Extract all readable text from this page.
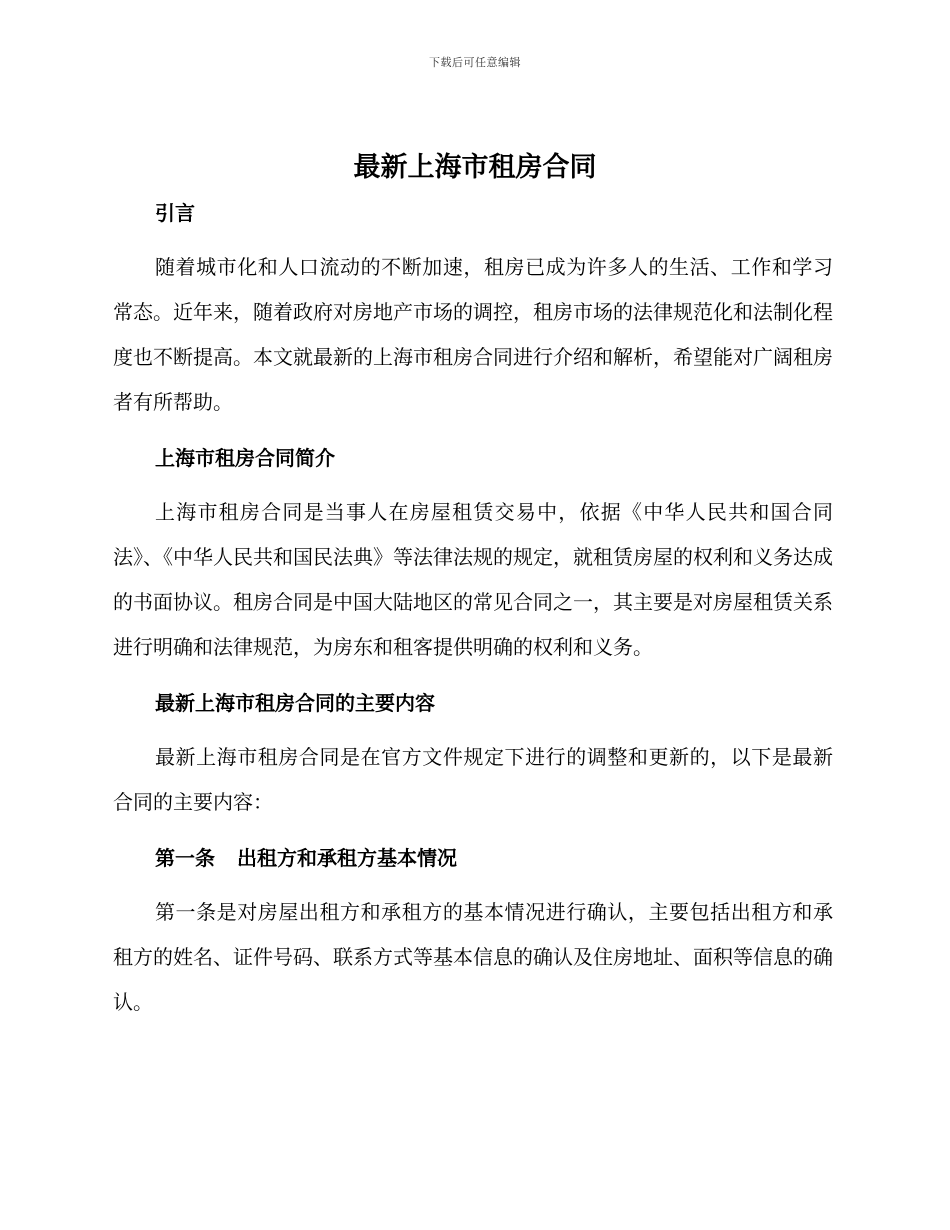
下载后可任意编辑
最新上海市租房合同
引言

随着城市化和人口流动的不断加速，租房已成为许多人的生活、工作和学习常态。近年来，随着政府对房地产市场的调控，租房市场的法律规范化和法制化程度也不断提高。本文就最新的上海市租房合同进行介绍和解析，希望能对广阔租房者有所帮助。

上海市租房合同简介

上海市租房合同是当事人在房屋租赁交易中，依据《中华人民共和国合同法》、《中华人民共和国民法典》等法律法规的规定，就租赁房屋的权利和义务达成的书面协议。租房合同是中国大陆地区的常见合同之一，其主要是对房屋租赁关系进行明确和法律规范，为房东和租客提供明确的权利和义务。

最新上海市租房合同的主要内容

最新上海市租房合同是在官方文件规定下进行的调整和更新的，以下是最新合同的主要内容：

第一条 出租方和承租方基本情况

第一条是对房屋出租方和承租方的基本情况进行确认，主要包括出租方和承租方的姓名、证件号码、联系方式等基本信息的确认及住房地址、面积等信息的确认。
